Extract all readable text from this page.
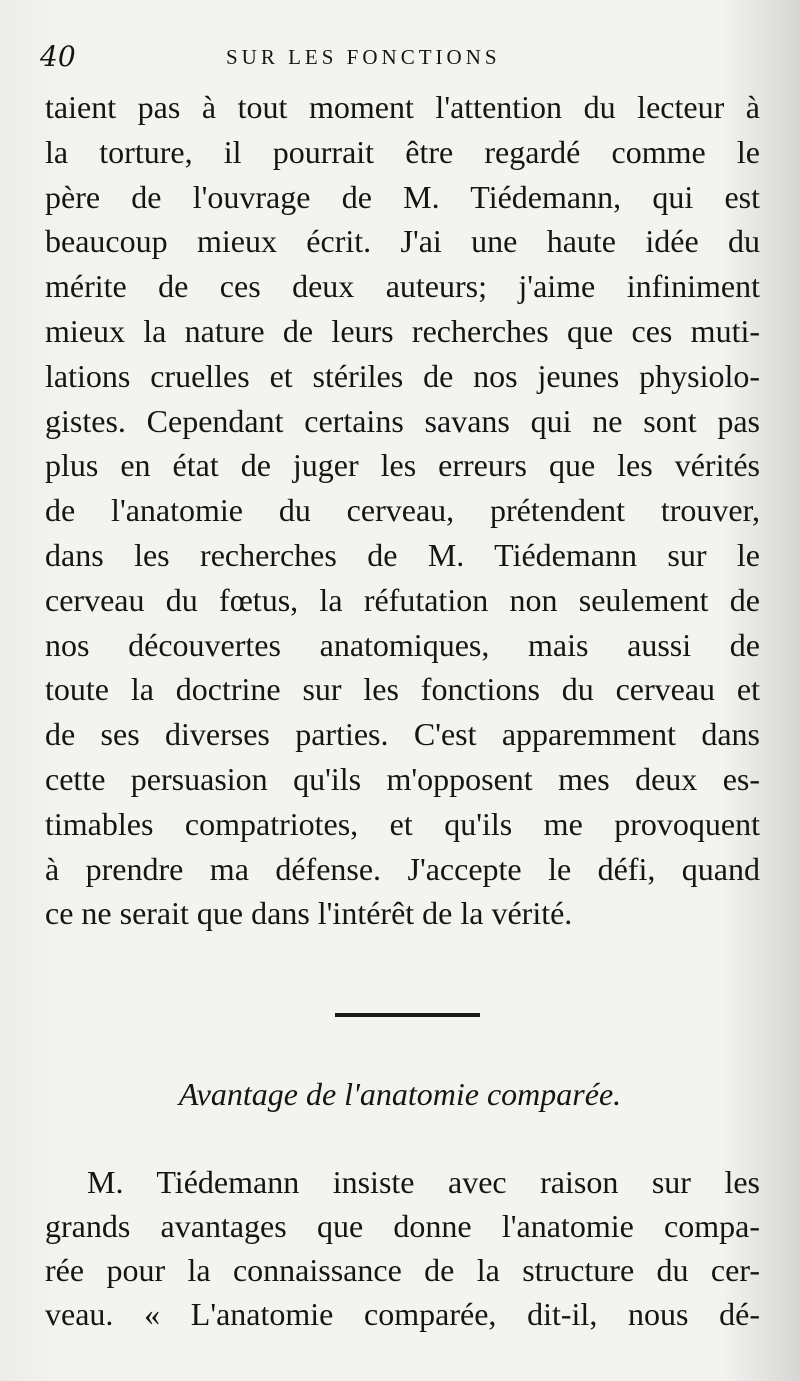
40	SUR LES FONCTIONS
taient pas à tout moment l'attention du lecteur à
la torture, il pourrait être regardé comme le
père de l'ouvrage de M. Tiédemann, qui est
beaucoup mieux écrit. J'ai une haute idée du
mérite de ces deux auteurs; j'aime infiniment
mieux la nature de leurs recherches que ces muti-
lations cruelles et stériles de nos jeunes physiolo-
gistes. Cependant certains savans qui ne sont pas
plus en état de juger les erreurs que les vérités
de l'anatomie du cerveau, prétendent trouver,
dans les recherches de M. Tiédemann sur le
cerveau du fœtus, la réfutation non seulement de
nos découvertes anatomiques, mais aussi de
toute la doctrine sur les fonctions du cerveau et
de ses diverses parties. C'est apparemment dans
cette persuasion qu'ils m'opposent mes deux es-
timables compatriotes, et qu'ils me provoquent
à prendre ma défense. J'accepte le défi, quand
ce ne serait que dans l'intérêt de la vérité.
Avantage de l'anatomie comparée.
M. Tiédemann insiste avec raison sur les
grands avantages que donne l'anatomie compa-
rée pour la connaissance de la structure du cer-
veau. « L'anatomie comparée, dit-il, nous dé-
